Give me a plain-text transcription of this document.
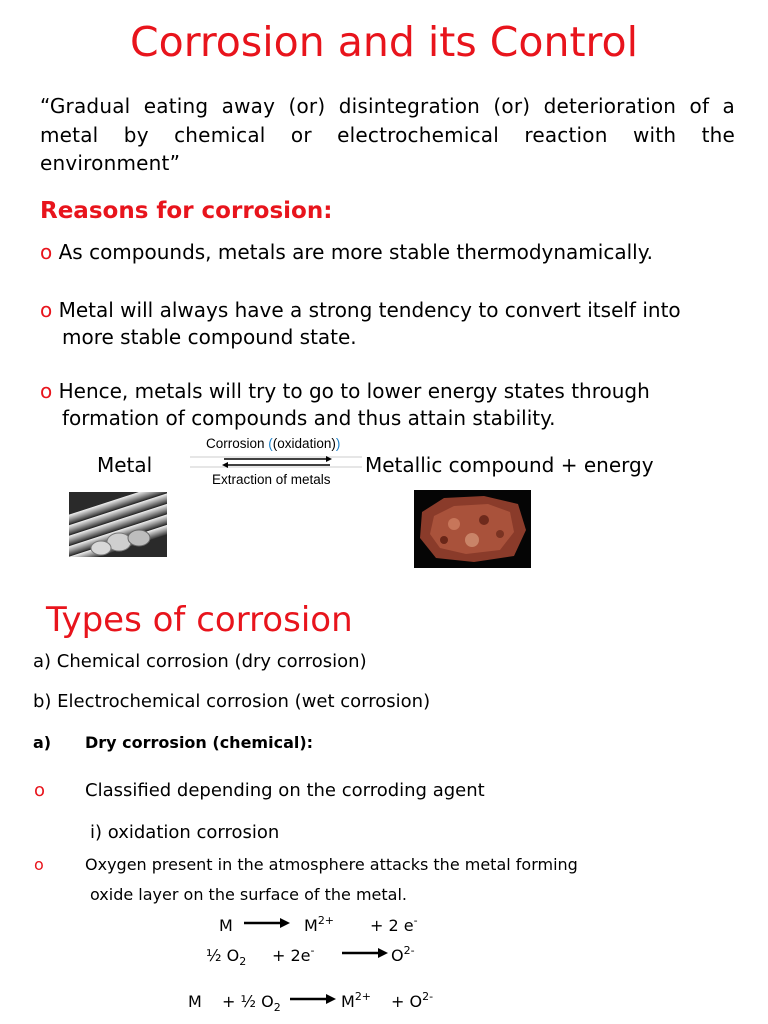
Corrosion and its Control
“Gradual eating away (or) disintegration (or) deterioration of a metal by chemical or electrochemical reaction with the environment”
Reasons for corrosion:
o As compounds, metals are more stable thermodynamically.
o Metal will always have a strong tendency to convert itself into
more stable compound state.
o Hence, metals will try to go to lower energy states through
formation of compounds and thus attain stability.
Metal
Corrosion ((oxidation))
Extraction of metals
Metallic compound + energy
Types of corrosion
a) Chemical corrosion (dry corrosion)
b) Electrochemical corrosion (wet corrosion)
a) Dry corrosion (chemical):
o Classified depending on the corroding agent
i) oxidation corrosion
o	Oxygen present in the atmosphere attacks the metal forming
oxide layer on the surface of the metal.
M	$M^{2+} + 2$ e-
½ $O_2 + 2e^-$	$O^{2-}$
M + ½ $O_2$	$M^{2+} + O^{2-}$
